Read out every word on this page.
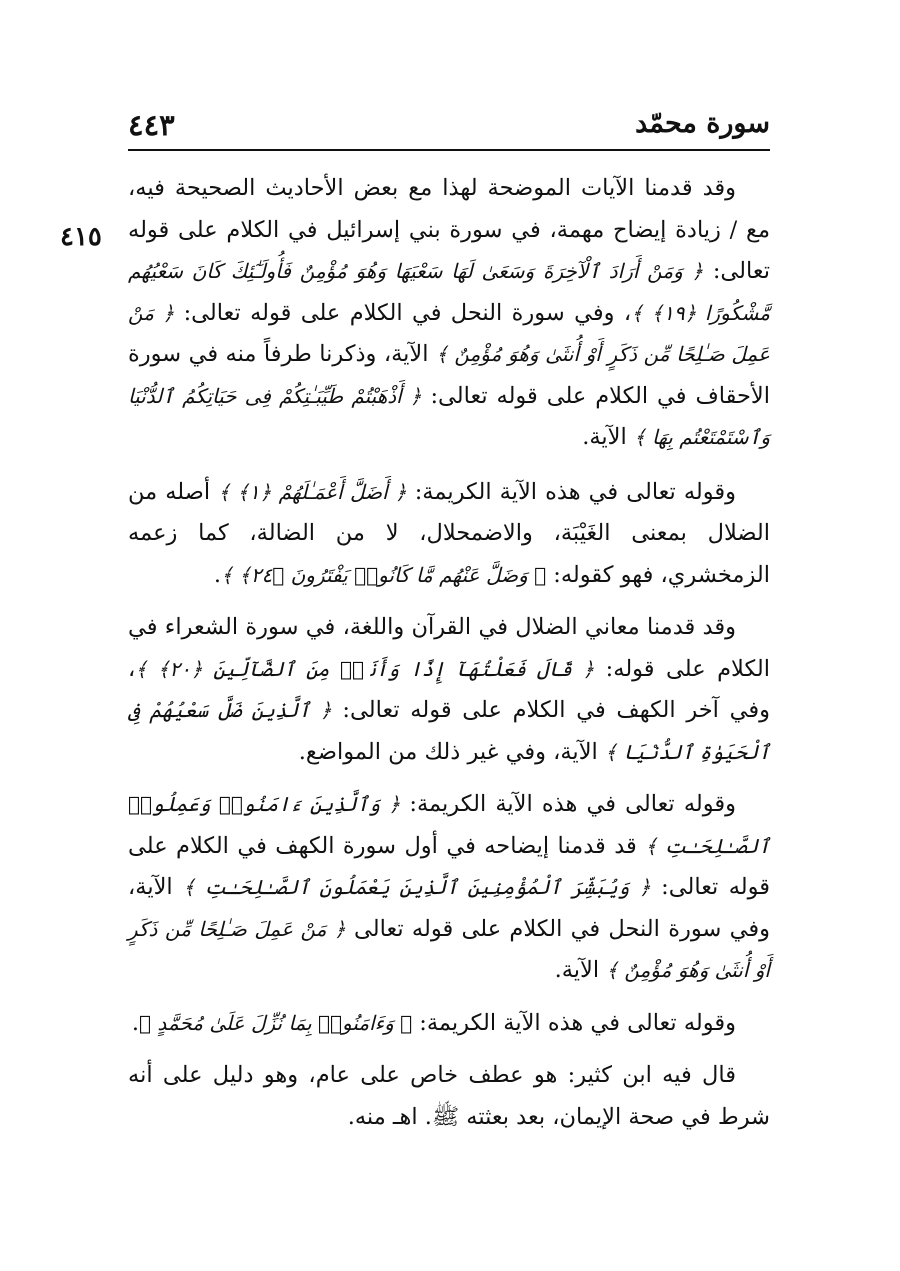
سورة محمّد
٤٤٣
٤١٥

وقد قدمنا الآيات الموضحة لهذا مع بعض الأحاديث الصحيحة فيه، مع / زيادة إيضاح مهمة، في سورة بني إسرائيل في الكلام على قوله تعالى: ﴿ وَمَنْ أَرَادَ ٱلْآخِرَةَ وَسَعَىٰ لَهَا سَعْيَهَا وَهُوَ مُؤْمِنٌ فَأُولَـٰٓئِكَ كَانَ سَعْيُهُم مَّشْكُورًا ﴿١٩﴾ ﴾، وفي سورة النحل في الكلام على قوله تعالى: ﴿ مَنْ عَمِلَ صَـٰلِحًا مِّن ذَكَرٍ أَوْ أُنثَىٰ وَهُوَ مُؤْمِنٌ ﴾ الآية، وذكرنا طرفاً منه في سورة الأحقاف في الكلام على قوله تعالى: ﴿ أَذْهَبْتُمْ طَيِّبَـٰتِكُمْ فِى حَيَاتِكُمُ ٱلدُّنْيَا وَٱسْتَمْتَعْتُم بِهَا ﴾ الآية.

وقوله تعالى في هذه الآية الكريمة: ﴿ أَضَلَّ أَعْمَـٰلَهُمْ ﴿١﴾ ﴾ أصله من الضلال بمعنى الغَيْبَة، والاضمحلال، لا من الضالة، كما زعمه الزمخشري، فهو كقوله: ﴿ وَضَلَّ عَنْهُم مَّا كَانُوا۟ يَفْتَرُونَ ﴿٢٤﴾ ﴾.

وقد قدمنا معاني الضلال في القرآن واللغة، في سورة الشعراء في الكلام على قوله: ﴿ قَالَ فَعَلْتُهَآ إِذًا وَأَنَا۠ مِنَ ٱلضَّآلِّينَ ﴿٢٠﴾ ﴾، وفي آخر الكهف في الكلام على قوله تعالى: ﴿ ٱلَّذِينَ ضَلَّ سَعْيُهُمْ فِى ٱلْحَيَوٰةِ ٱلدُّنْيَا ﴾ الآية، وفي غير ذلك من المواضع.

وقوله تعالى في هذه الآية الكريمة: ﴿ وَٱلَّذِينَ ءَامَنُوا۟ وَعَمِلُوا۟ ٱلصَّـٰلِحَـٰتِ ﴾ قد قدمنا إيضاحه في أول سورة الكهف في الكلام على قوله تعالى: ﴿ وَيُبَشِّرَ ٱلْمُؤْمِنِينَ ٱلَّذِينَ يَعْمَلُونَ ٱلصَّـٰلِحَـٰتِ ﴾ الآية، وفي سورة النحل في الكلام على قوله تعالى ﴿ مَنْ عَمِلَ صَـٰلِحًا مِّن ذَكَرٍ أَوْ أُنثَىٰ وَهُوَ مُؤْمِنٌ ﴾ الآية.

وقوله تعالى في هذه الآية الكريمة: ﴿ وَءَامَنُوا۟ بِمَا نُزِّلَ عَلَىٰ مُحَمَّدٍ ﴾.

قال فيه ابن كثير: هو عطف خاص على عام، وهو دليل على أنه شرط في صحة الإيمان، بعد بعثته ﷺ. اهـ منه.
